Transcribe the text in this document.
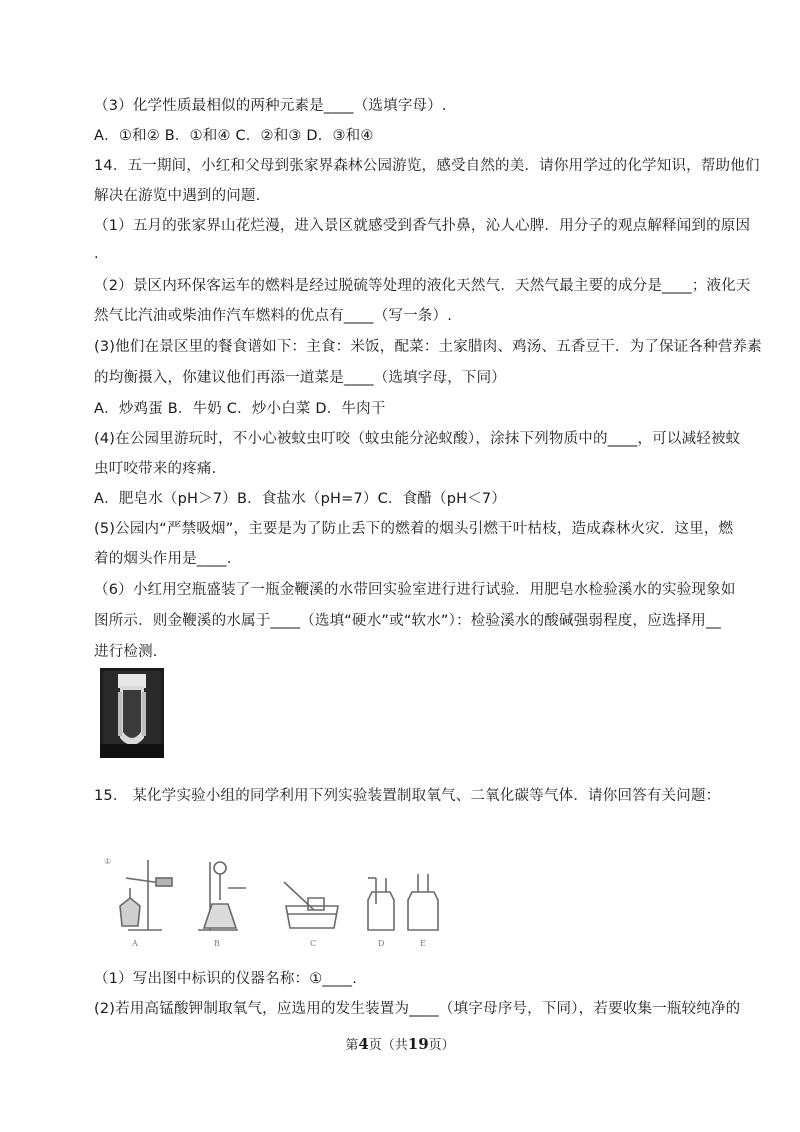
（3）化学性质最相似的两种元素是____（选填字母）.
A．①和② B．①和④ C．②和③ D．③和④
14．五一期间，小红和父母到张家界森林公园游览，感受自然的美．请你用学过的化学知识，帮助他们
解决在游览中遇到的问题．
（1）五月的张家界山花烂漫，进入景区就感受到香气扑鼻，沁人心脾．用分子的观点解释闻到的原因
.
（2）景区内环保客运车的燃料是经过脱硫等处理的液化天然气．天然气最主要的成分是____；液化天
然气比汽油或柴油作汽车燃料的优点有____（写一条）.
(3)他们在景区里的餐食谱如下：主食：米饭，配菜：土家腊肉、鸡汤、五香豆干．为了保证各种营养素
的均衡摄入，你建议他们再添一道菜是____（选填字母，下同）
A．炒鸡蛋 B．牛奶 C．炒小白菜 D．牛肉干
(4)在公园里游玩时，不小心被蚊虫叮咬（蚊虫能分泌蚁酸），涂抹下列物质中的____，可以减轻被蚊
虫叮咬带来的疼痛．
A．肥皂水（pH＞7）B．食盐水（pH=7）C．食醋（pH＜7）
(5)公园内“严禁吸烟”，主要是为了防止丢下的燃着的烟头引燃干叶枯枝，造成森林火灾．这里，燃
着的烟头作用是____.
（6）小红用空瓶盛装了一瓶金鞭溪的水带回实验室进行进行试验．用肥皂水检验溪水的实验现象如
图所示．则金鞭溪的水属于____（选填“硬水”或“软水”）：检验溪水的酸碱强弱程度，应选择用__
进行检测.
15． 某化学实验小组的同学利用下列实验装置制取氧气、二氧化碳等气体．请你回答有关问题：
①
A	B	C	D	E
（1）写出图中标识的仪器名称：①____.
(2)若用高锰酸钾制取氧气，应选用的发生装置为____（填字母序号，下同），若要收集一瓶较纯净的
第4页（共19页）
